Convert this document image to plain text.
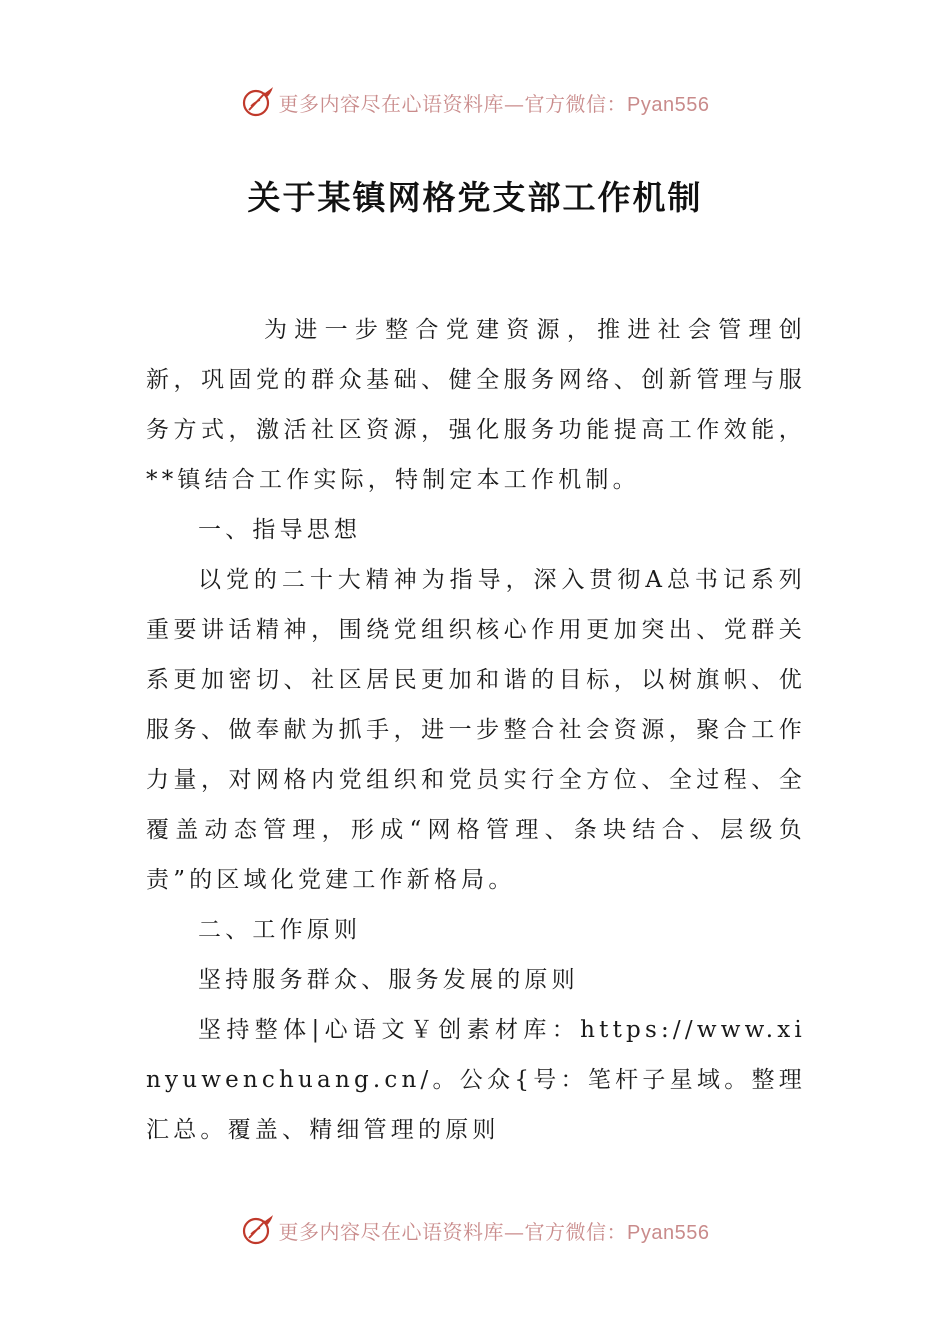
更多内容尽在心语资料库—官方微信：Pyan556
关于某镇网格党支部工作机制

为进一步整合党建资源，推进社会管理创新，巩固党的群众基础、健全服务网络、创新管理与服务方式，激活社区资源，强化服务功能提高工作效能，**镇结合工作实际，特制定本工作机制。

一、指导思想

以党的二十大精神为指导，深入贯彻A总书记系列重要讲话精神，围绕党组织核心作用更加突出、党群关系更加密切、社区居民更加和谐的目标，以树旗帜、优服务、做奉献为抓手，进一步整合社会资源，聚合工作力量，对网格内党组织和党员实行全方位、全过程、全覆盖动态管理，形成“网格管理、条块结合、层级负责”的区域化党建工作新格局。

二、工作原则

坚持服务群众、服务发展的原则

坚持整体|心语文￥创素材库：https://www.xinyuwenchuang.cn/。公众{号：笔杆子星域。整理汇总。覆盖、精细管理的原则

更多内容尽在心语资料库—官方微信：Pyan556
